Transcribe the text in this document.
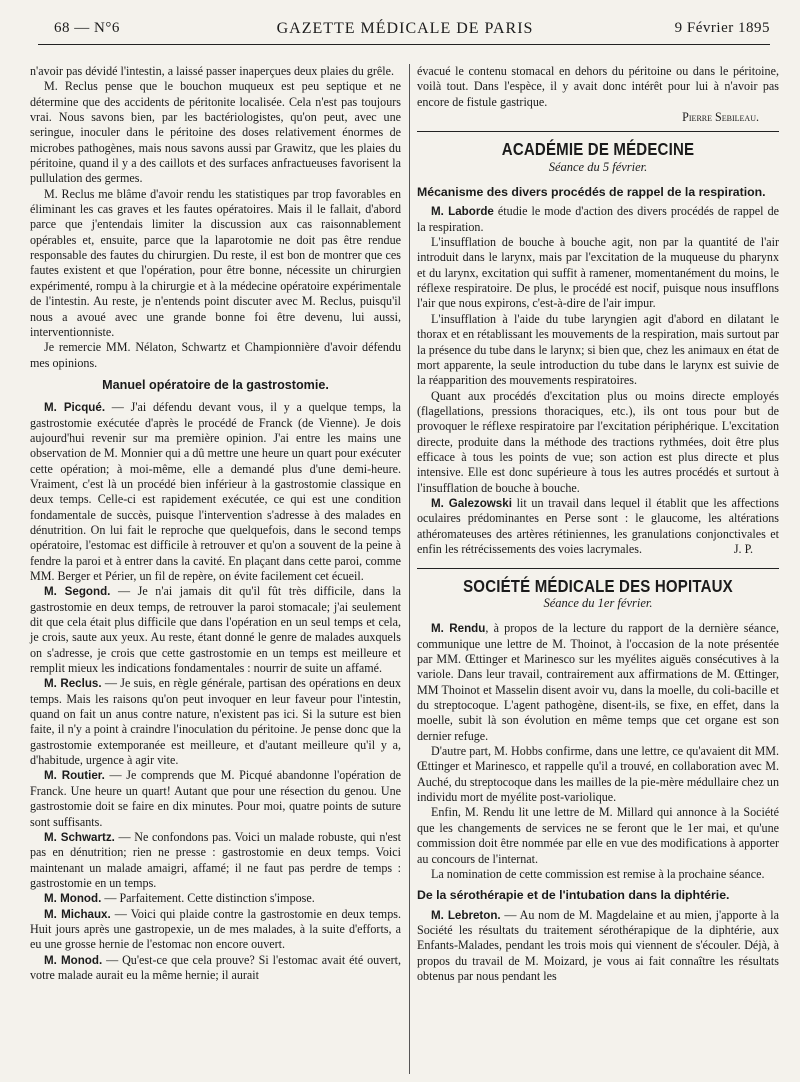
68 — N°6	GAZETTE MÉDICALE DE PARIS	9 Février 1895

n'avoir pas dévidé l'intestin, a laissé passer inaperçues deux plaies du grêle.

M. Reclus pense que le bouchon muqueux est peu septique et ne détermine que des accidents de péritonite localisée. Cela n'est pas toujours vrai. Nous savons bien, par les bactériologistes, qu'on peut, avec une seringue, inoculer dans le péritoine des doses relativement énormes de microbes pathogènes, mais nous savons aussi par Grawitz, que les plaies du péritoine, quand il y a des caillots et des surfaces anfractueuses favorisent la pullulation des germes.

M. Reclus me blâme d'avoir rendu les statistiques par trop favorables en éliminant les cas graves et les fautes opératoires. Mais il le fallait, d'abord parce que j'entendais limiter la discussion aux cas raisonnablement opérables et, ensuite, parce que la laparotomie ne doit pas être rendue responsable des fautes du chirurgien. Du reste, il est bon de montrer que ces fautes existent et que l'opération, pour être bonne, nécessite un chirurgien expérimenté, rompu à la chirurgie et à la médecine opératoire expérimentale de l'intestin. Au reste, je n'entends point discuter avec M. Reclus, puisqu'il nous a avoué avec une grande bonne foi être devenu, lui aussi, interventionniste.

Je remercie MM. Nélaton, Schwartz et Championnière d'avoir défendu mes opinions.

Manuel opératoire de la gastrostomie.

M. Picqué. — J'ai défendu devant vous, il y a quelque temps, la gastrostomie exécutée d'après le procédé de Franck (de Vienne). Je dois aujourd'hui revenir sur ma première opinion. J'ai entre les mains une observation de M. Monnier qui a dû mettre une heure un quart pour exécuter cette opération; à moi-même, elle a demandé plus d'une demi-heure. Vraiment, c'est là un procédé bien inférieur à la gastrostomie classique en deux temps. Celle-ci est rapidement exécutée, ce qui est une condition fondamentale de succès, puisque l'intervention s'adresse à des malades en dénutrition. On lui fait le reproche que quelquefois, dans le second temps opératoire, l'estomac est difficile à retrouver et qu'on a souvent de la peine à fendre la paroi et à entrer dans la cavité. En plaçant dans cette paroi, comme MM. Berger et Périer, un fil de repère, on évite facilement cet écueil.

M. Segond. — Je n'ai jamais dit qu'il fût très difficile, dans la gastrostomie en deux temps, de retrouver la paroi stomacale; j'ai seulement dit que cela était plus difficile que dans l'opération en un seul temps et cela, je crois, saute aux yeux. Au reste, étant donné le genre de malades auxquels on s'adresse, je crois que cette gastrostomie en un temps est meilleure et remplit mieux les indications fondamentales : nourrir de suite un affamé.

M. Reclus. — Je suis, en règle générale, partisan des opérations en deux temps. Mais les raisons qu'on peut invoquer en leur faveur pour l'intestin, quand on fait un anus contre nature, n'existent pas ici. Si la suture est bien faite, il n'y a point à craindre l'inoculation du péritoine. Je pense donc que la gastrostomie extemporanée est meilleure, et d'autant meilleure qu'il y a, d'habitude, urgence à agir vite.

M. Routier. — Je comprends que M. Picqué abandonne l'opération de Franck. Une heure un quart! Autant que pour une résection du genou. Une gastrostomie doit se faire en dix minutes. Pour moi, quatre points de suture sont suffisants.

M. Schwartz. — Ne confondons pas. Voici un malade robuste, qui n'est pas en dénutrition; rien ne presse : gastrostomie en deux temps. Voici maintenant un malade amaigri, affamé; il ne faut pas perdre de temps : gastrostomie en un temps.

M. Monod. — Parfaitement. Cette distinction s'impose.

M. Michaux. — Voici qui plaide contre la gastrostomie en deux temps. Huit jours après une gastropexie, un de mes malades, à la suite d'efforts, a eu une grosse hernie de l'estomac non encore ouvert.

M. Monod. — Qu'est-ce que cela prouve? Si l'estomac avait été ouvert, votre malade aurait eu la même hernie; il aurait

évacué le contenu stomacal en dehors du péritoine ou dans le péritoine, voilà tout. Dans l'espèce, il y avait donc intérêt pour lui à n'avoir pas encore de fistule gastrique.

Pierre Sebileau.
ACADÉMIE DE MÉDECINE
Séance du 5 février.
Mécanisme des divers procédés de rappel de la respiration.

M. Laborde étudie le mode d'action des divers procédés de rappel de la respiration.

L'insufflation de bouche à bouche agit, non par la quantité de l'air introduit dans le larynx, mais par l'excitation de la muqueuse du pharynx et du larynx, excitation qui suffit à ramener, momentanément du moins, le réflexe respiratoire. De plus, le procédé est nocif, puisque nous insufflons l'air que nous expirons, c'est-à-dire de l'air impur.

L'insufflation à l'aide du tube laryngien agit d'abord en dilatant le thorax et en rétablissant les mouvements de la respiration, mais surtout par la présence du tube dans le larynx; si bien que, chez les animaux en état de mort apparente, la seule introduction du tube dans le larynx est suivie de la réapparition des mouvements respiratoires.

Quant aux procédés d'excitation plus ou moins directe employés (flagellations, pressions thoraciques, etc.), ils ont tous pour but de provoquer le réflexe respiratoire par l'excitation périphérique. L'excitation directe, produite dans la méthode des tractions rythmées, doit être plus efficace à tous les points de vue; son action est plus directe et plus intensive. Elle est donc supérieure à tous les autres procédés et surtout à l'insufflation de bouche à bouche.

M. Galezowski lit un travail dans lequel il établit que les affections oculaires prédominantes en Perse sont : le glaucome, les altérations athéromateuses des artères rétiniennes, les granulations conjonctivales et enfin les rétrécissements des voies lacrymales.	J. P.
SOCIÉTÉ MÉDICALE DES HOPITAUX
Séance du 1er février.

M. Rendu, à propos de la lecture du rapport de la dernière séance, communique une lettre de M. Thoinot, à l'occasion de la note présentée par MM. Œttinger et Marinesco sur les myélites aiguës consécutives à la variole. Dans leur travail, contrairement aux affirmations de M. Œttinger, MM Thoinot et Masselin disent avoir vu, dans la moelle, du coli-bacille et du streptocoque. L'agent pathogène, disent-ils, se fixe, en effet, dans la moelle, subit là son évolution en même temps que cet organe est son dernier refuge.

D'autre part, M. Hobbs confirme, dans une lettre, ce qu'avaient dit MM. Œttinger et Marinesco, et rappelle qu'il a trouvé, en collaboration avec M. Auché, du streptocoque dans les mailles de la pie-mère médullaire chez un individu mort de myélite post-variolique.

Enfin, M. Rendu lit une lettre de M. Millard qui annonce à la Société que les changements de services ne se feront que le 1er mai, et qu'une commission doit être nommée par elle en vue des modifications à apporter au concours de l'internat.

La nomination de cette commission est remise à la prochaine séance.

De la sérothérapie et de l'intubation dans la diphtérie.

M. Lebreton. — Au nom de M. Magdelaine et au mien, j'apporte à la Société les résultats du traitement sérothérapique de la diphtérie, aux Enfants-Malades, pendant les trois mois qui viennent de s'écouler. Déjà, à propos du travail de M. Moizard, je vous ai fait connaître les résultats obtenus par nous pendant les
